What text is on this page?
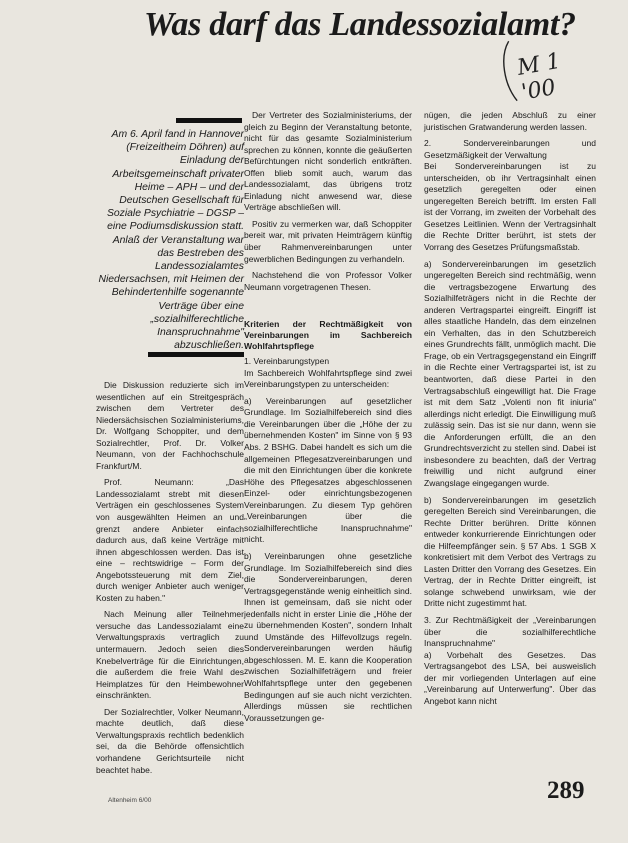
Was darf das Landessozialamt?
M 1 '00
Am 6. April fand in Hannover (Freizeitheim Döhren) auf Einladung der Arbeitsgemeinschaft privater Heime – APH – und der Deutschen Gesellschaft für Soziale Psychiatrie – DGSP – eine Podiumsdiskussion statt. Anlaß der Veranstaltung war das Bestreben des Landessozialamtes Niedersachsen, mit Heimen der Behindertenhilfe sogenannte Verträge über eine „sozialhilferechtliche Inanspruchnahme" abzuschließen.

Die Diskussion reduzierte sich im wesentlichen auf ein Streitgespräch zwischen dem Vertreter des Niedersächsischen Sozialministeriums, Dr. Wolfgang Schoppiter, und dem Sozialrechtler, Prof. Dr. Volker Neumann, von der Fachhochschule Frankfurt/M.

Prof. Neumann: „Das Landessozialamt strebt mit diesen Verträgen ein geschlossenes System von ausgewählten Heimen an und grenzt andere Anbieter einfach dadurch aus, daß keine Verträge mit ihnen abgeschlossen werden. Das ist eine – rechtswidrige – Form der Angebotssteuerung mit dem Ziel, durch weniger Anbieter auch weniger Kosten zu haben."

Nach Meinung aller Teilnehmer versuche das Landessozialamt eine Verwaltungspraxis vertraglich zu untermauern. Jedoch seien dies Knebelverträge für die Einrichtungen, die außerdem die freie Wahl des Heimplatzes für den Heimbewohner einschränkten.

Der Sozialrechtler, Volker Neumann, machte deutlich, daß diese Verwaltungspraxis rechtlich bedenklich sei, da die Behörde offensichtlich vorhandene Gerichtsurteile nicht beachtet habe.

Der Vertreter des Sozialministeriums, der gleich zu Beginn der Veranstaltung betonte, nicht für das gesamte Sozialministerium sprechen zu können, konnte die geäußerten Befürchtungen nicht sonderlich entkräften. Offen blieb somit auch, warum das Landessozialamt, das übrigens trotz Einladung nicht anwesend war, diese Verträge abschließen will.

Positiv zu vermerken war, daß Schoppiter bereit war, mit privaten Heimträgern künftig über Rahmenvereinbarungen unter gewerblichen Bedingungen zu verhandeln.

Nachstehend die von Professor Volker Neumann vorgetragenen Thesen.

Kriterien der Rechtmäßigkeit von Vereinbarungen im Sachbereich Wohlfahrtspflege

1. Vereinbarungstypen
Im Sachbereich Wohlfahrtspflege sind zwei Vereinbarungstypen zu unterscheiden:

a) Vereinbarungen auf gesetzlicher Grundlage. Im Sozialhilfebereich sind dies die Vereinbarungen über die „Höhe der zu übernehmenden Kosten" im Sinne von § 93 Abs. 2 BSHG. Dabei handelt es sich um die allgemeinen Pflegesatzvereinbarungen und die mit den Einrichtungen über die konkrete Höhe des Pflegesatzes abgeschlossenen Einzel- oder einrichtungsbezogenen Vereinbarungen. Zu diesem Typ gehören „Vereinbarungen über die sozialhilferechtliche Inanspruchnahme" nicht.

b) Vereinbarungen ohne gesetzliche Grundlage. Im Sozialhilfebereich sind dies die Sondervereinbarungen, deren Vertragsgegenstände wenig einheitlich sind. Ihnen ist gemeinsam, daß sie nicht oder jedenfalls nicht in erster Linie die „Höhe der zu übernehmenden Kosten", sondern Inhalt und Umstände des Hilfevollzugs regeln. Sondervereinbarungen werden häufig abgeschlossen. M. E. kann die Kooperation zwischen Sozialhilfeträgern und freier Wohlfahrtspflege unter den gegebenen Bedingungen auf sie auch nicht verzichten. Allerdings müssen sie rechtlichen Voraussetzungen ge-

nügen, die jeden Abschluß zu einer juristischen Gratwanderung werden lassen.

2. Sondervereinbarungen und Gesetzmäßigkeit der Verwaltung
Bei Sondervereinbarungen ist zu unterscheiden, ob ihr Vertragsinhalt einen gesetzlich geregelten oder einen ungeregelten Bereich betrifft. Im ersten Fall ist der Vorrang, im zweiten der Vorbehalt des Gesetzes Leitlinien. Wenn der Vertragsinhalt die Rechte Dritter berührt, ist stets der Vorrang des Gesetzes Prüfungsmaßstab.

a) Sondervereinbarungen im gesetzlich ungeregelten Bereich sind rechtmäßig, wenn die vertragsbezogene Erwartung des Sozialhilfeträgers nicht in die Rechte der anderen Vertragspartei eingreift. Eingriff ist alles staatliche Handeln, das dem einzelnen ein Verhalten, das in den Schutzbereich eines Grundrechts fällt, unmöglich macht. Die Frage, ob ein Vertragsgegenstand ein Eingriff in die Rechte einer Vertragspartei ist, ist zu beantworten, daß diese Partei in den Vertragsabschluß eingewilligt hat. Die Frage ist mit dem Satz „Volenti non fit iniuria" allerdings nicht erledigt. Die Einwilligung muß zulässig sein. Das ist sie nur dann, wenn sie die Anforderungen erfüllt, die an den Grundrechtsverzicht zu stellen sind. Dabei ist insbesondere zu beachten, daß der Vertrag freiwillig und nicht aufgrund einer Zwangslage eingegangen wurde.

b) Sondervereinbarungen im gesetzlich geregelten Bereich sind Vereinbarungen, die Rechte Dritter berühren. Dritte können entweder konkurrierende Einrichtungen oder die Hilfeempfänger sein. § 57 Abs. 1 SGB X konkretisiert mit dem Verbot des Vertrags zu Lasten Dritter den Vorrang des Gesetzes. Ein Vertrag, der in Rechte Dritter eingreift, ist solange schwebend unwirksam, wie der Dritte nicht zugestimmt hat.

3. Zur Rechtmäßigkeit der „Vereinbarungen über die sozialhilferechtliche Inanspruchnahme"
a) Vorbehalt des Gesetzes. Das Vertragsangebot des LSA, bei ausweislich der mir vorliegenden Unterlagen auf eine „Vereinbarung auf Unterwerfung". Über das Angebot kann nicht

289
Altenheim 6/00
